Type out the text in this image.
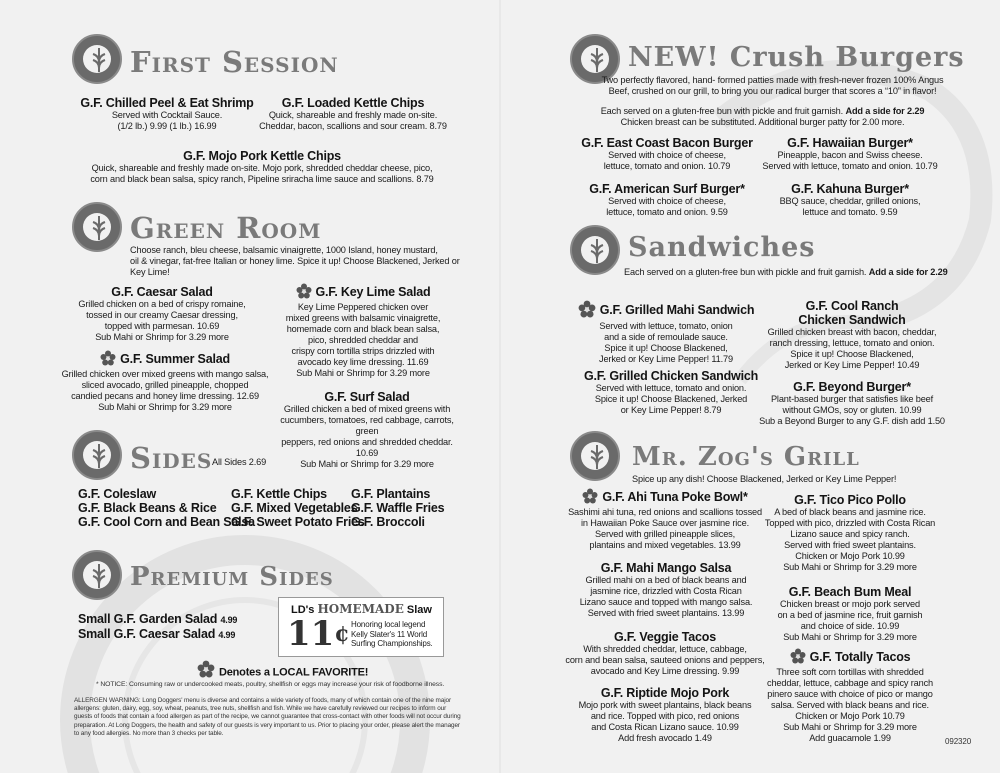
First Session
G.F. Chilled Peel & Eat Shrimp
Served with Cocktail Sauce.
(1/2 lb.) 9.99 (1 lb.) 16.99
G.F. Loaded Kettle Chips
Quick, shareable and freshly made on-site.
Cheddar, bacon, scallions and sour cream. 8.79
G.F. Mojo Pork Kettle Chips
Quick, shareable and freshly made on-site. Mojo pork, shredded cheddar cheese, pico,
corn and black bean salsa, spicy ranch, Pipeline sriracha lime sauce and scallions. 8.79
Green Room
Choose ranch, bleu cheese, balsamic vinaigrette, 1000 Island, honey mustard,
oil & vinegar, fat-free Italian or honey lime. Spice it up! Choose Blackened, Jerked or Key Lime!
G.F. Caesar Salad
Grilled chicken on a bed of crispy romaine,
tossed in our creamy Caesar dressing,
topped with parmesan. 10.69
Sub Mahi or Shrimp for 3.29 more
G.F. Key Lime Salad
Key Lime Peppered chicken over
mixed greens with balsamic vinaigrette,
homemade corn and black bean salsa,
pico, shredded cheddar and
crispy corn tortilla strips drizzled with
avocado key lime dressing. 11.69
Sub Mahi or Shrimp for 3.29 more
G.F. Summer Salad
Grilled chicken over mixed greens with mango salsa,
sliced avocado, grilled pineapple, chopped
candied pecans and honey lime dressing. 12.69
Sub Mahi or Shrimp for 3.29 more
G.F. Surf Salad
Grilled chicken a bed of mixed greens with
cucumbers, tomatoes, red cabbage, carrots, green
peppers, red onions and shredded cheddar. 10.69
Sub Mahi or Shrimp for 3.29 more
Sides All Sides 2.69
G.F. Coleslaw
G.F. Black Beans & Rice
G.F. Cool Corn and Bean Salsa
G.F. Kettle Chips
G.F. Mixed Vegetables
G.F. Sweet Potato Fries
G.F. Plantains
G.F. Waffle Fries
G.F. Broccoli
Premium Sides
Small G.F. Garden Salad 4.99
Small G.F. Caesar Salad 4.99
LD's HOMEMADE Slaw
11¢ Honoring local legend
Kelly Slater's 11 World
Surfing Championships.
Denotes a LOCAL FAVORITE!
* NOTICE: Consuming raw or undercooked meats, poultry, shellfish or eggs may increase your risk of foodborne illness.
ALLERGEN WARNING: Long Doggers' menu is diverse and contains a wide variety of foods, many of which contain one of the nine major
allergens: gluten, dairy, egg, soy, wheat, peanuts, tree nuts, shellfish and fish. While we have carefully reviewed our recipes to inform our
guests of foods that contain a food allergen as part of the recipe, we cannot guarantee that cross-contact with other foods will not occur during
preparation. At Long Doggers, the health and safety of our guests is very important to us. Prior to placing your order, please alert the manager
to any food allergies. No more than 3 checks per table.
NEW! Crush Burgers
Two perfectly flavored, hand- formed patties made with fresh-never frozen 100% Angus
Beef, crushed on our grill, to bring you our radical burger that scores a “10” in flavor!
Each served on a gluten-free bun with pickle and fruit garnish. Add a side for 2.29
Chicken breast can be substituted. Additional burger patty for 2.00 more.
G.F. East Coast Bacon Burger
Served with choice of cheese,
lettuce, tomato and onion. 10.79
G.F. Hawaiian Burger*
Pineapple, bacon and Swiss cheese.
Served with lettuce, tomato and onion. 10.79
G.F. American Surf Burger*
Served with choice of cheese,
lettuce, tomato and onion. 9.59
G.F. Kahuna Burger*
BBQ sauce, cheddar, grilled onions,
lettuce and tomato. 9.59
Sandwiches
Each served on a gluten-free bun with pickle and fruit garnish. Add a side for 2.29
G.F. Grilled Mahi Sandwich
Served with lettuce, tomato, onion
and a side of remoulade sauce.
Spice it up! Choose Blackened,
Jerked or Key Lime Pepper! 11.79
G.F. Cool Ranch
Chicken Sandwich
Grilled chicken breast with bacon, cheddar,
ranch dressing, lettuce, tomato and onion.
Spice it up! Choose Blackened,
Jerked or Key Lime Pepper! 10.49
G.F. Grilled Chicken Sandwich
Served with lettuce, tomato and onion.
Spice it up! Choose Blackened, Jerked
or Key Lime Pepper! 8.79
G.F. Beyond Burger*
Plant-based burger that satisfies like beef
without GMOs, soy or gluten. 10.99
Sub a Beyond Burger to any G.F. dish add 1.50
Mr. Zog's Grill
Spice up any dish! Choose Blackened, Jerked or Key Lime Pepper!
G.F. Ahi Tuna Poke Bowl*
Sashimi ahi tuna, red onions and scallions tossed
in Hawaiian Poke Sauce over jasmine rice.
Served with grilled pineapple slices,
plantains and mixed vegetables. 13.99
G.F. Tico Pico Pollo
A bed of black beans and jasmine rice.
Topped with pico, drizzled with Costa Rican
Lizano sauce and spicy ranch.
Served with fried sweet plantains.
Chicken or Mojo Pork 10.99
Sub Mahi or Shrimp for 3.29 more
G.F. Mahi Mango Salsa
Grilled mahi on a bed of black beans and
jasmine rice, drizzled with Costa Rican
Lizano sauce and topped with mango salsa.
Served with fried sweet plantains. 13.99
G.F. Beach Bum Meal
Chicken breast or mojo pork served
on a bed of jasmine rice, fruit garnish
and choice of side. 10.99
Sub Mahi or Shrimp for 3.29 more
G.F. Veggie Tacos
With shredded cheddar, lettuce, cabbage,
corn and bean salsa, sauteed onions and peppers,
avocado and Key Lime dressing. 9.99
G.F. Totally Tacos
Three soft corn tortillas with shredded
cheddar, lettuce, cabbage and spicy ranch
pinero sauce with choice of pico or mango
salsa. Served with black beans and rice.
Chicken or Mojo Pork 10.79
Sub Mahi or Shrimp for 3.29 more
Add guacamole 1.99
G.F. Riptide Mojo Pork
Mojo pork with sweet plantains, black beans
and rice. Topped with pico, red onions
and Costa Rican Lizano sauce. 10.99
Add fresh avocado 1.49	092320
